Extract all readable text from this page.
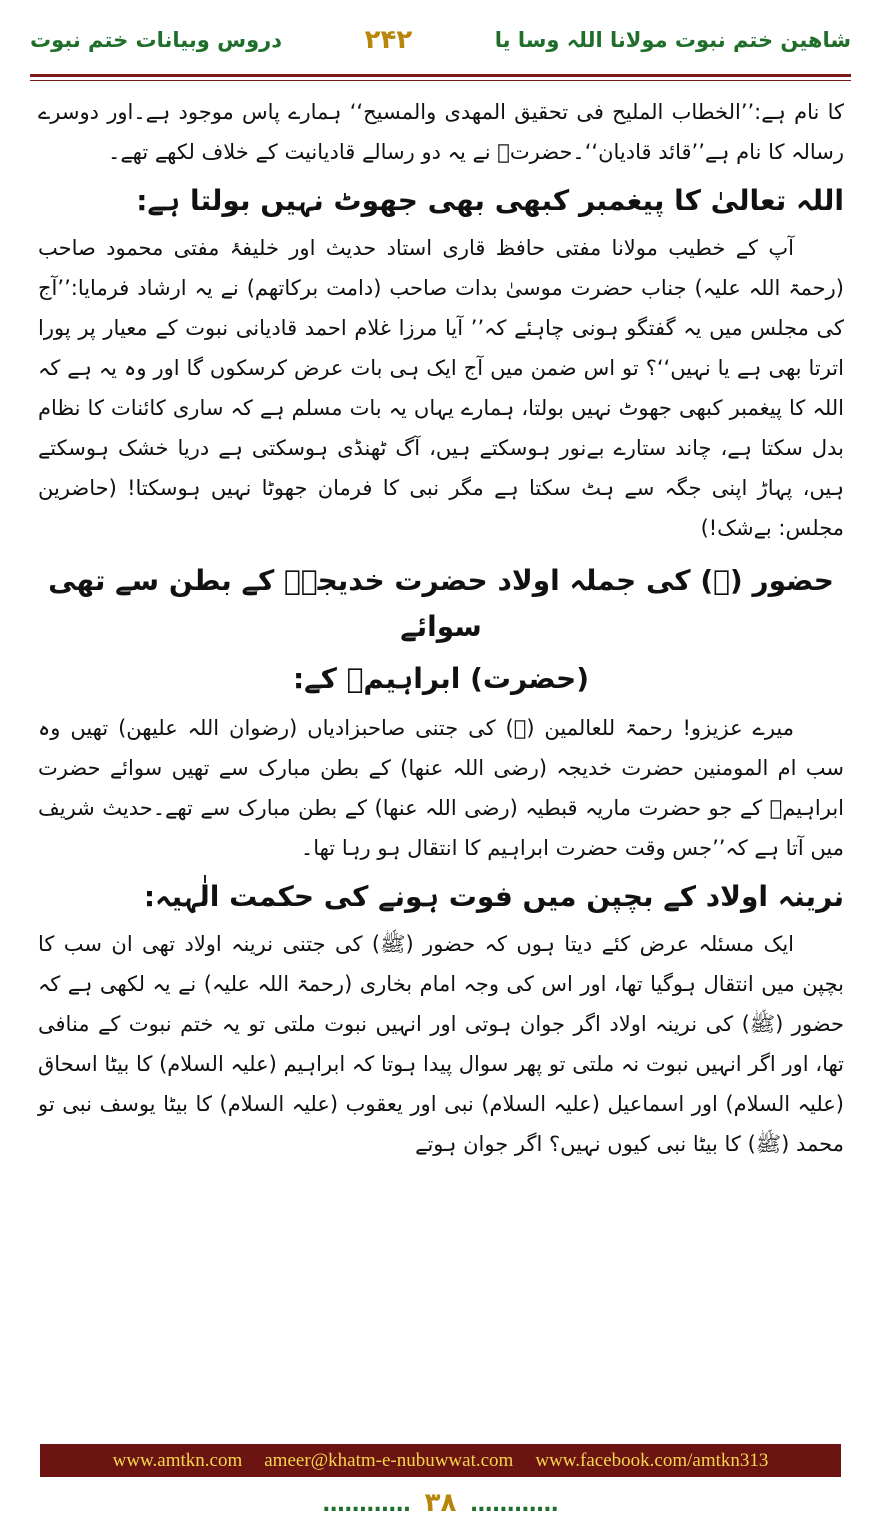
دروس وبیانات ختم نبوت	۲۴۲	شاھین ختم نبوت مولانا اللہ وسا یا

کا نام ہے:’’الخطاب الملیح فی تحقیق المهدی والمسیح‘‘ ہمارے پاس موجود ہے۔اور دوسرے رسالہ کا نام ہے’’قائد قادیان‘‘۔حضرتؒ نے یہ دو رسالے قادیانیت کے خلاف لکھے تھے۔

اللہ تعالیٰ کا پیغمبر کبھی بھی جھوٹ نہیں بولتا ہے:

آپ کے خطیب مولانا مفتی حافظ قاری استاد حدیث اور خلیفۂ مفتی محمود صاحب (رحمۃ اللہ علیہ) جناب حضرت موسیٰ بدات صاحب (دامت برکاتھم) نے یہ ارشاد فرمایا:’’آج کی مجلس میں یہ گفتگو ہونی چاہئے کہ’’ آیا مرزا غلام احمد قادیانی نبوت کے معیار پر پورا اترتا بھی ہے یا نہیں‘‘؟ تو اس ضمن میں آج ایک ہی بات عرض کرسکوں گا اور وہ یہ ہے کہ اللہ کا پیغمبر کبھی جھوٹ نہیں بولتا، ہمارے یہاں یہ بات مسلم ہے کہ ساری کائنات کا نظام بدل سکتا ہے، چاند ستارے بےنور ہوسکتے ہیں، آگ ٹھنڈی ہوسکتی ہے دریا خشک ہوسکتے ہیں، پہاڑ اپنی جگہ سے ہٹ سکتا ہے مگر نبی کا فرمان جھوٹا نہیں ہوسکتا! (حاضرین مجلس: بےشک!)

حضور (ﷺ) کی جملہ اولاد حضرت خدیجہؓ کے بطن سے تھی سوائے
(حضرت) ابراہیمؓ کے:

میرے عزیزو! رحمۃ للعالمین (ﷺ) کی جتنی صاحبزادیاں (رضوان اللہ علیھن) تھیں وہ سب ام المومنین حضرت خدیجہ (رضی اللہ عنھا) کے بطن مبارک سے تھیں سوائے حضرت ابراہیمؓ کے جو حضرت ماریہ قبطیہ (رضی اللہ عنھا) کے بطن مبارک سے تھے۔حدیث شریف میں آتا ہے کہ’’جس وقت حضرت ابراہیم کا انتقال ہو رہا تھا۔

نرینہ اولاد کے بچپن میں فوت ہونے کی حکمت الٰہیہ:

ایک مسئلہ عرض کئے دیتا ہوں کہ حضور (ﷺ) کی جتنی نرینہ اولاد تھی ان سب کا بچپن میں انتقال ہوگیا تھا، اور اس کی وجہ امام بخاری (رحمۃ اللہ علیہ) نے یہ لکھی ہے کہ حضور (ﷺ) کی نرینہ اولاد اگر جوان ہوتی اور انہیں نبوت ملتی تو یہ ختم نبوت کے منافی تھا، اور اگر انہیں نبوت نہ ملتی تو پھر سوال پیدا ہوتا کہ ابراہیم (علیہ السلام) کا بیٹا اسحاق (علیہ السلام) اور اسماعیل (علیہ السلام) نبی اور یعقوب (علیہ السلام) کا بیٹا یوسف نبی تو محمد (ﷺ) کا بیٹا نبی کیوں نہیں؟ اگر جوان ہوتے

www.amtkn.com ameer@khatm-e-nubuwwat.com www.facebook.com/amtkn313
………… ۳۸ …………
